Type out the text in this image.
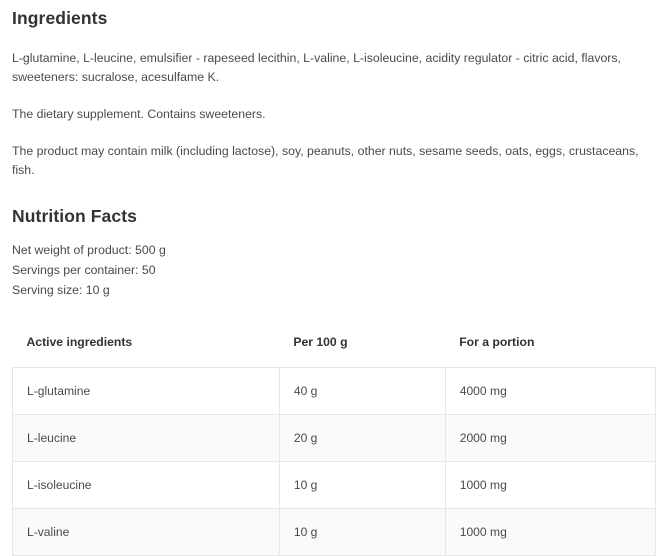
Ingredients

L-glutamine, L-leucine, emulsifier - rapeseed lecithin, L-valine, L-isoleucine, acidity regulator - citric acid, flavors, sweeteners: sucralose, acesulfame K.

The dietary supplement. Contains sweeteners.

The product may contain milk (including lactose), soy, peanuts, other nuts, sesame seeds, oats, eggs, crustaceans, fish.

Nutrition Facts

Net weight of product: 500 g

Servings per container: 50

Serving size: 10 g

Active ingredients	Per 100 g	For a portion
L-glutamine	40 g	4000 mg
L-leucine	20 g	2000 mg
L-isoleucine	10 g	1000 mg
L-valine	10 g	1000 mg
